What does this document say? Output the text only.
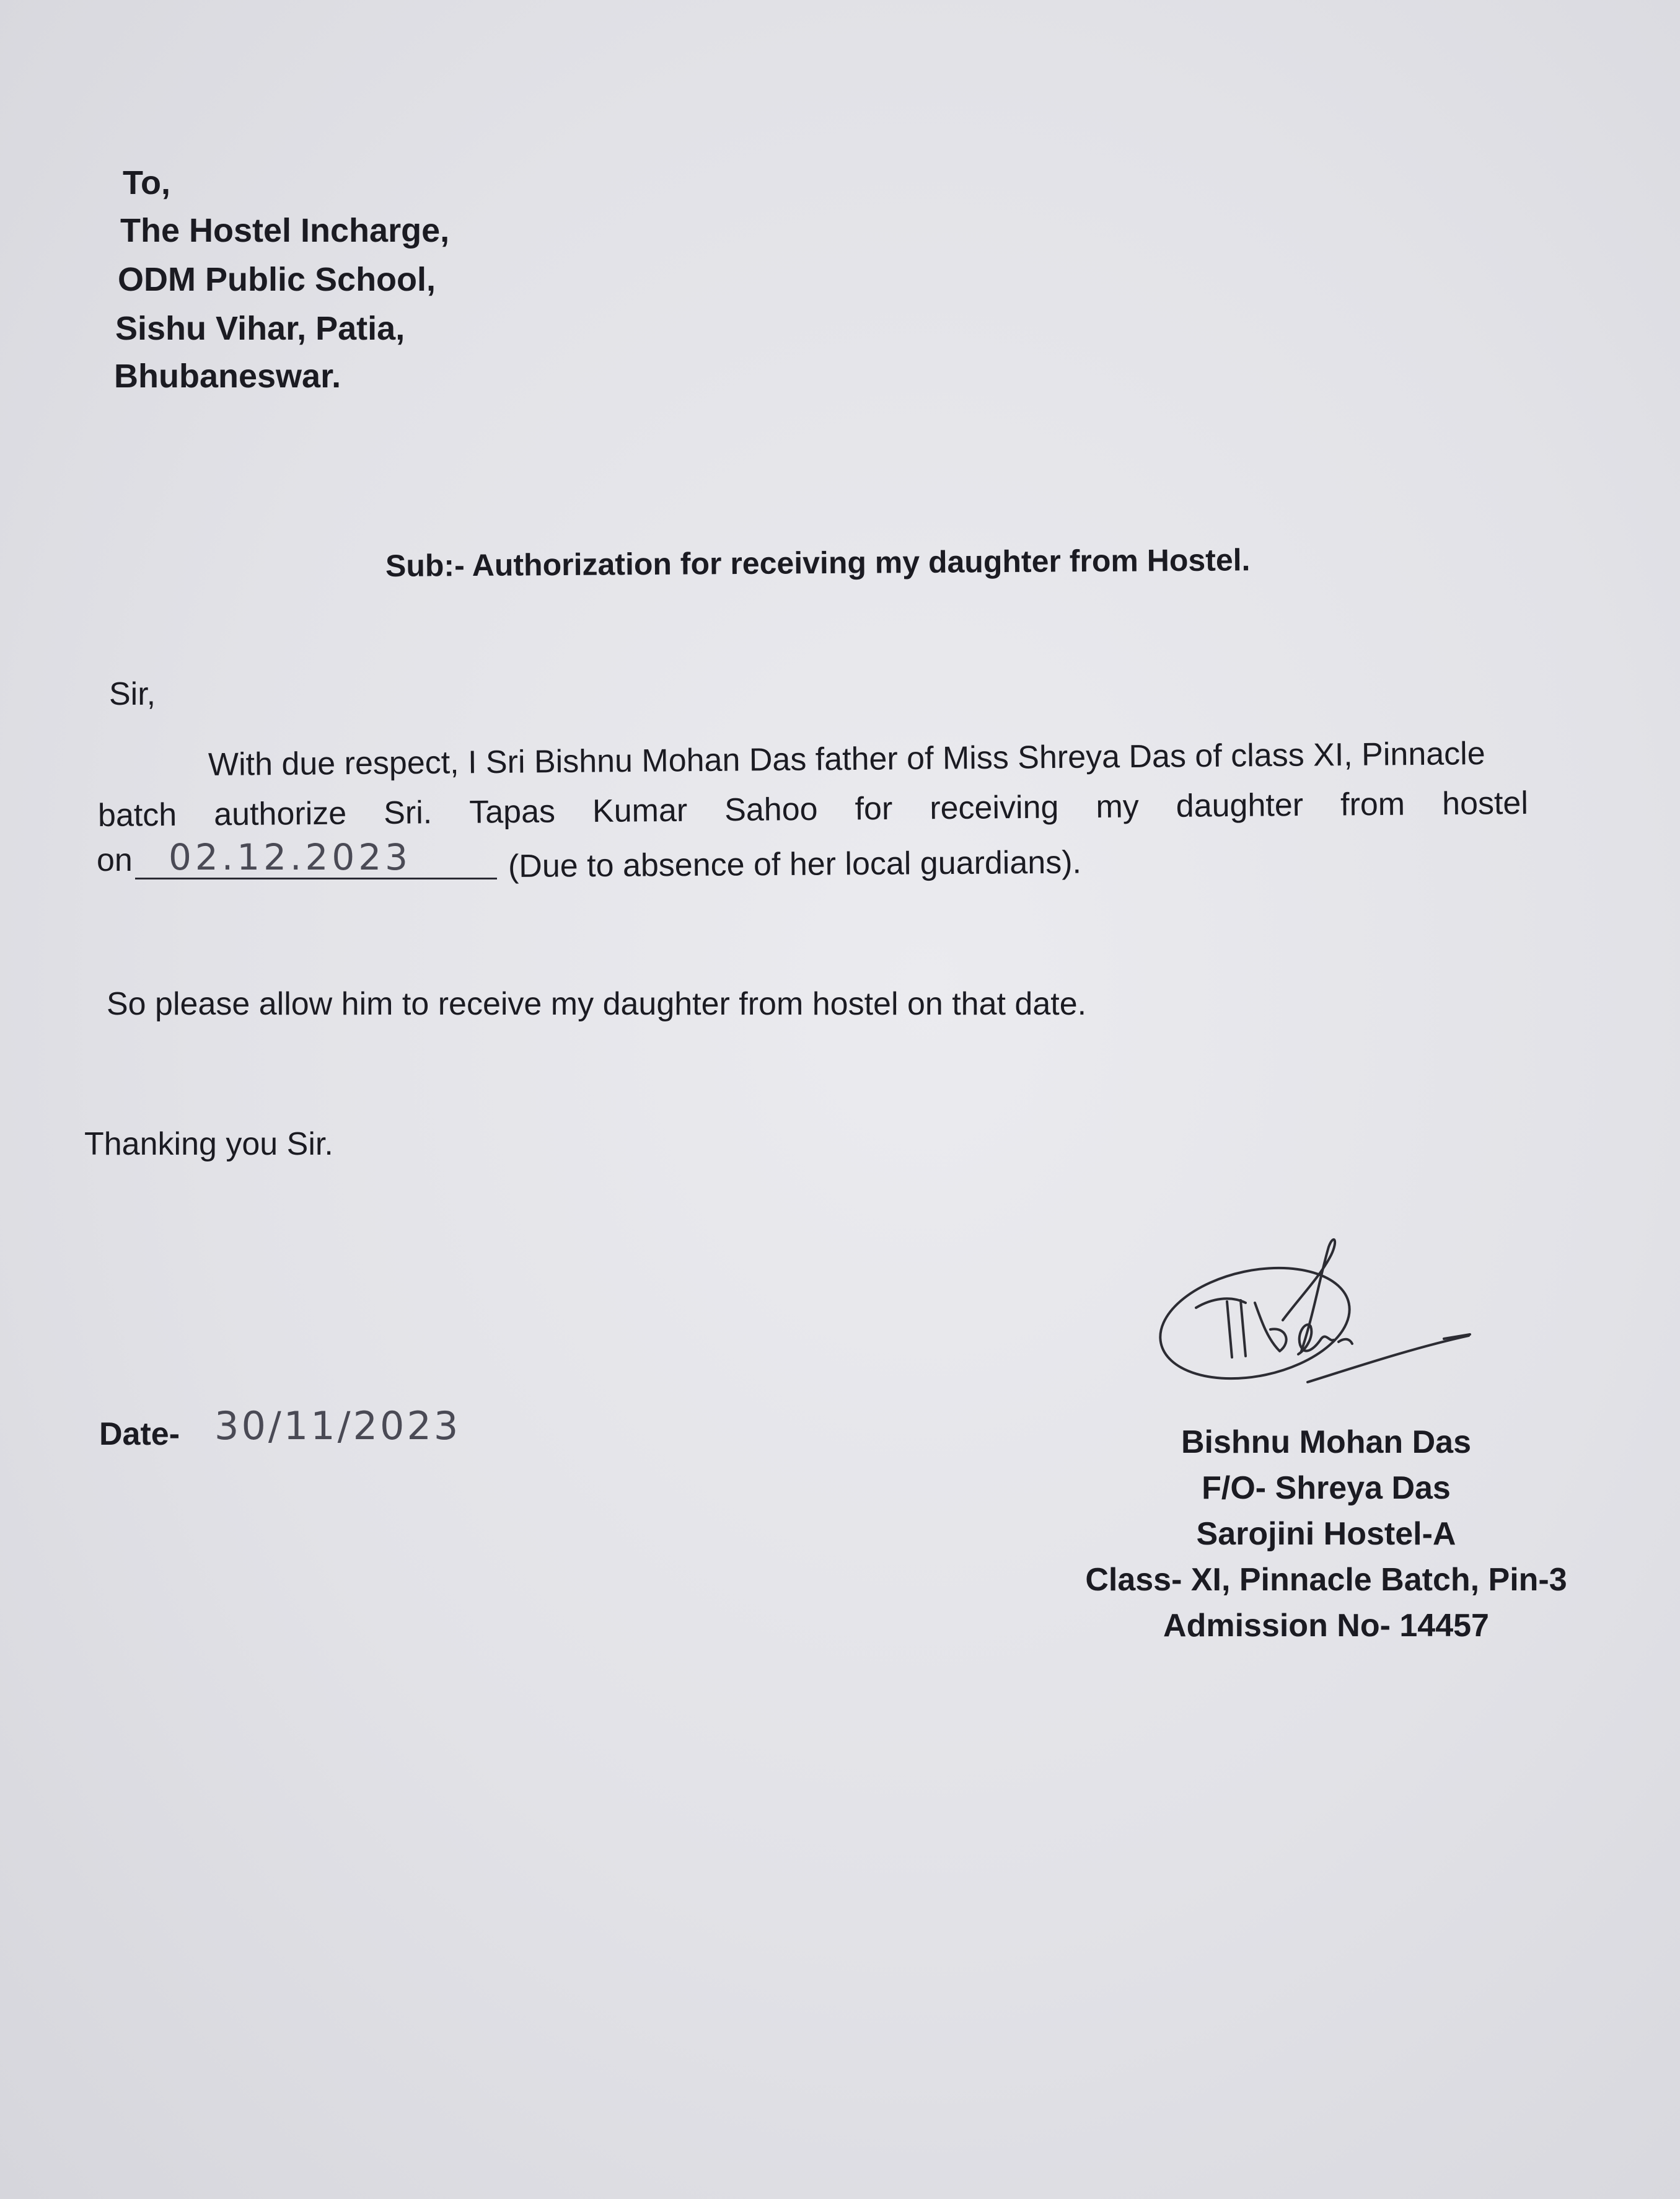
To,
The Hostel Incharge,
ODM Public School,
Sishu Vihar, Patia,
Bhubaneswar.
Sub:- Authorization for receiving my daughter from Hostel.
Sir,
With due respect, I Sri Bishnu Mohan Das father of Miss Shreya Das of class XI, Pinnacle
batch authorize Sri. Tapas Kumar Sahoo for receiving my daughter from hostel
on 02.12.2023	(Due to absence of her local guardians).
So please allow him to receive my daughter from hostel on that date.
Thanking you Sir.
Date- 30/11/2023	Bishnu Mohan Das
F/O- Shreya Das
Sarojini Hostel-A
Class- XI, Pinnacle Batch, Pin-3
Admission No- 14457
